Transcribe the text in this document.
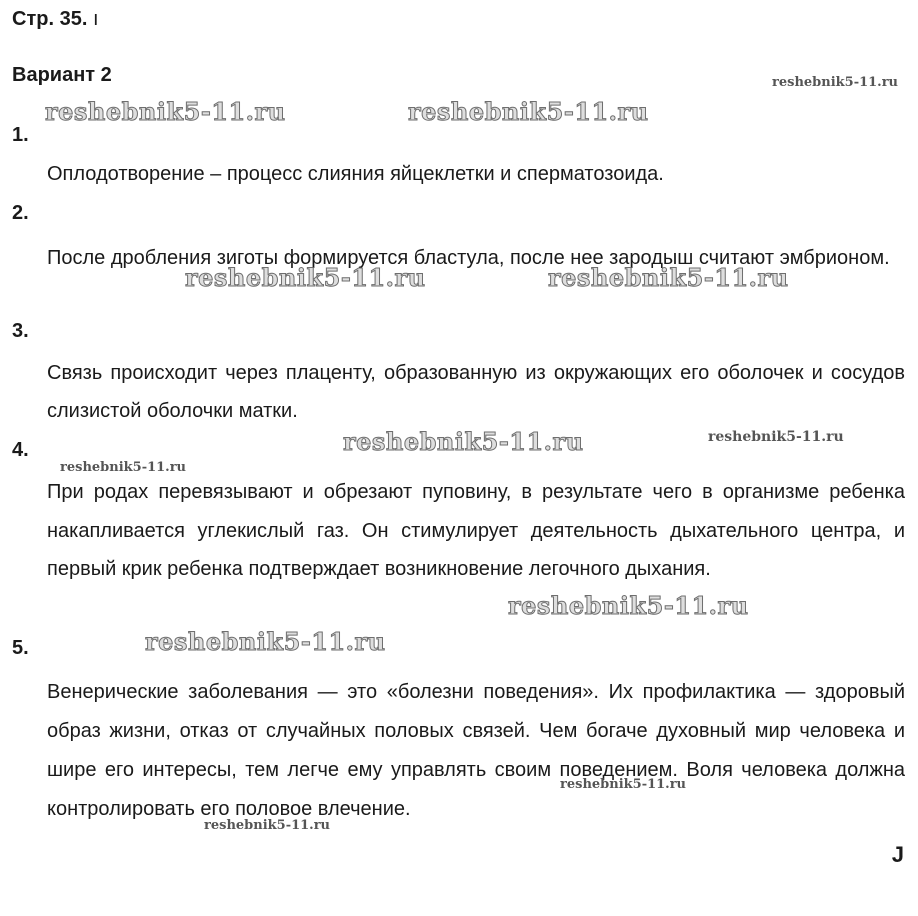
Стр. 35. ı
Вариант 2
1.
Оплодотворение – процесс слияния яйцеклетки и сперматозоида.
2.
После дробления зиготы формируется бластула, после нее зародыш считают эмбрионом.
3.
Связь происходит через плаценту, образованную из окружающих его оболочек и сосудов слизистой оболочки матки.
4.
При родах перевязывают и обрезают пуповину, в результате чего в организме ребенка накапливается углекислый газ. Он стимулирует деятельность дыхательного центра, и первый крик ребенка подтверждает возникновение легочного дыхания.
5.
Венерические заболевания — это «болезни поведения». Их профилактика — здоровый образ жизни, отказ от случайных половых связей. Чем богаче духовный мир человека и шире его интересы, тем легче ему управлять своим поведением. Воля человека должна контролировать его половое влечение.
reshebnik5-11.ru
reshebnik5-11.ru	reshebnik5-11.ru
reshebnik5-11.ru	reshebnik5-11.ru
reshebnik5-11.ru	reshebnik5-11.ru
reshebnik5-11.ru
reshebnik5-11.ru
reshebnik5-11.ru
reshebnik5-11.ru
reshebnik5-11.ru
J
